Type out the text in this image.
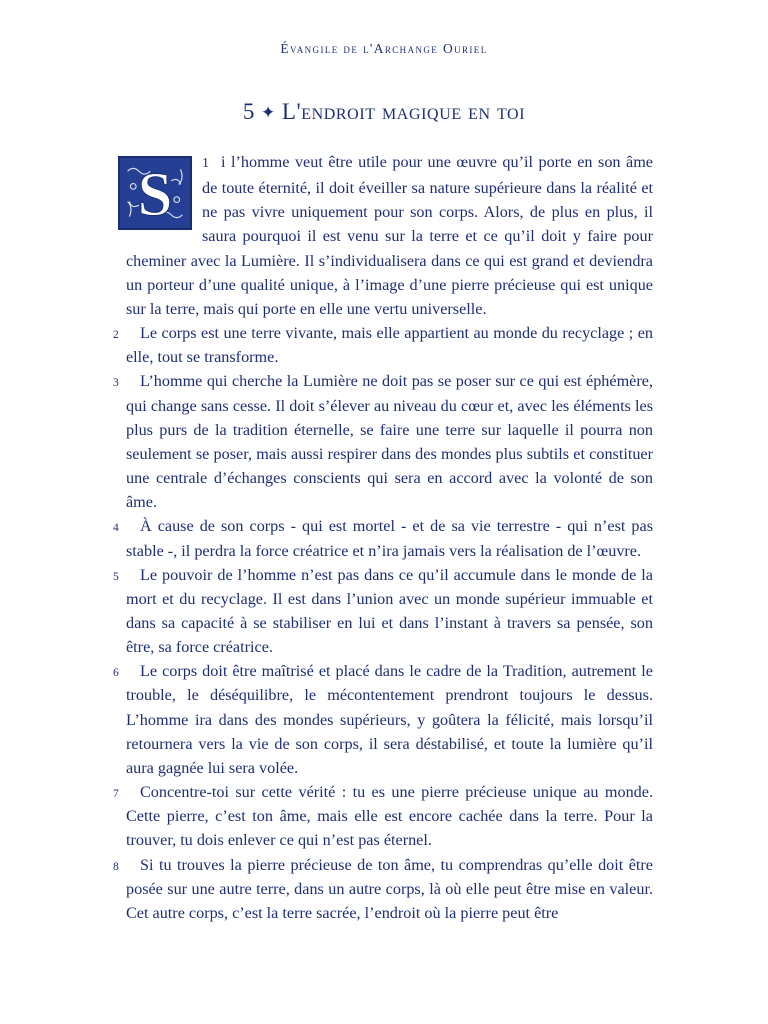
Évangile de l'Archange Ouriel
5 ✦ L'endroit magique en toi

S 1 i l’homme veut être utile pour une œuvre qu’il porte en son âme de toute éternité, il doit éveiller sa nature supérieure dans la réalité et ne pas vivre uniquement pour son corps. Alors, de plus en plus, il saura pourquoi il est venu sur la terre et ce qu’il doit y faire pour cheminer avec la Lumière. Il s’individualisera dans ce qui est grand et deviendra un porteur d’une qualité unique, à l’image d’une pierre précieuse qui est unique sur la terre, mais qui porte en elle une vertu universelle.

2 Le corps est une terre vivante, mais elle appartient au monde du recyclage ; en elle, tout se transforme.

3 L’homme qui cherche la Lumière ne doit pas se poser sur ce qui est éphémère, qui change sans cesse. Il doit s’élever au niveau du cœur et, avec les éléments les plus purs de la tradition éternelle, se faire une terre sur laquelle il pourra non seulement se poser, mais aussi respirer dans des mondes plus subtils et constituer une centrale d’échanges conscients qui sera en accord avec la volonté de son âme.

4 À cause de son corps - qui est mortel - et de sa vie terrestre - qui n’est pas stable -, il perdra la force créatrice et n’ira jamais vers la réalisation de l’œuvre.

5 Le pouvoir de l’homme n’est pas dans ce qu’il accumule dans le monde de la mort et du recyclage. Il est dans l’union avec un monde supérieur immuable et dans sa capacité à se stabiliser en lui et dans l’instant à travers sa pensée, son être, sa force créatrice.

6 Le corps doit être maîtrisé et placé dans le cadre de la Tradition, autrement le trouble, le déséquilibre, le mécontentement prendront toujours le dessus. L’homme ira dans des mondes supérieurs, y goûtera la félicité, mais lorsqu’il retournera vers la vie de son corps, il sera déstabilisé, et toute la lumière qu’il aura gagnée lui sera volée.

7 Concentre-toi sur cette vérité : tu es une pierre précieuse unique au monde. Cette pierre, c’est ton âme, mais elle est encore cachée dans la terre. Pour la trouver, tu dois enlever ce qui n’est pas éternel.

8 Si tu trouves la pierre précieuse de ton âme, tu comprendras qu’elle doit être posée sur une autre terre, dans un autre corps, là où elle peut être mise en valeur. Cet autre corps, c’est la terre sacrée, l’endroit où la pierre peut être
